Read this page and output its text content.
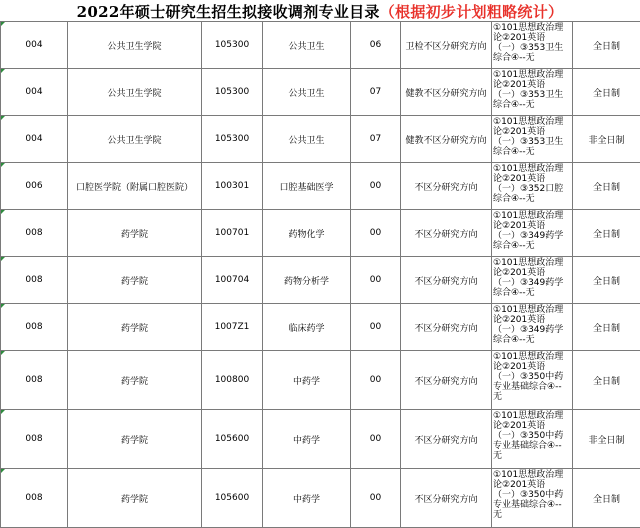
2022年硕士研究生招生拟接收调剂专业目录 （根据初步计划粗略统计）
004	公共卫生学院	105300	公共卫生	06	卫检不区分研究方向	①101思想政治理
论②201英语
（一）③353卫生
综合④--无	全日制
004	公共卫生学院	105300	公共卫生	07	健教不区分研究方向	①101思想政治理
论②201英语
（一）③353卫生
综合④--无	全日制
004	公共卫生学院	105300	公共卫生	07	健教不区分研究方向	①101思想政治理
论②201英语
（一）③353卫生
综合④--无	非全日制
006	口腔医学院（附属口腔医院）	100301	口腔基础医学	00	不区分研究方向	①101思想政治理
论②201英语
（一）③352口腔
综合④--无	全日制
008	药学院	100701	药物化学	00	不区分研究方向	①101思想政治理
论②201英语
（一）③349药学
综合④--无	全日制
008	药学院	100704	药物分析学	00	不区分研究方向	①101思想政治理
论②201英语
（一）③349药学
综合④--无	全日制
008	药学院	1007Z1	临床药学	00	不区分研究方向	①101思想政治理
论②201英语
（一）③349药学
综合④--无	全日制
008	药学院	100800	中药学	00	不区分研究方向	①101思想政治理
论②201英语
（一）③350中药
专业基础综合④--
无	全日制
008	药学院	105600	中药学	00	不区分研究方向	①101思想政治理
论②201英语
（一）③350中药
专业基础综合④--
无	非全日制
008	药学院	105600	中药学	00	不区分研究方向	①101思想政治理
论②201英语
（一）③350中药
专业基础综合④--
无	全日制
